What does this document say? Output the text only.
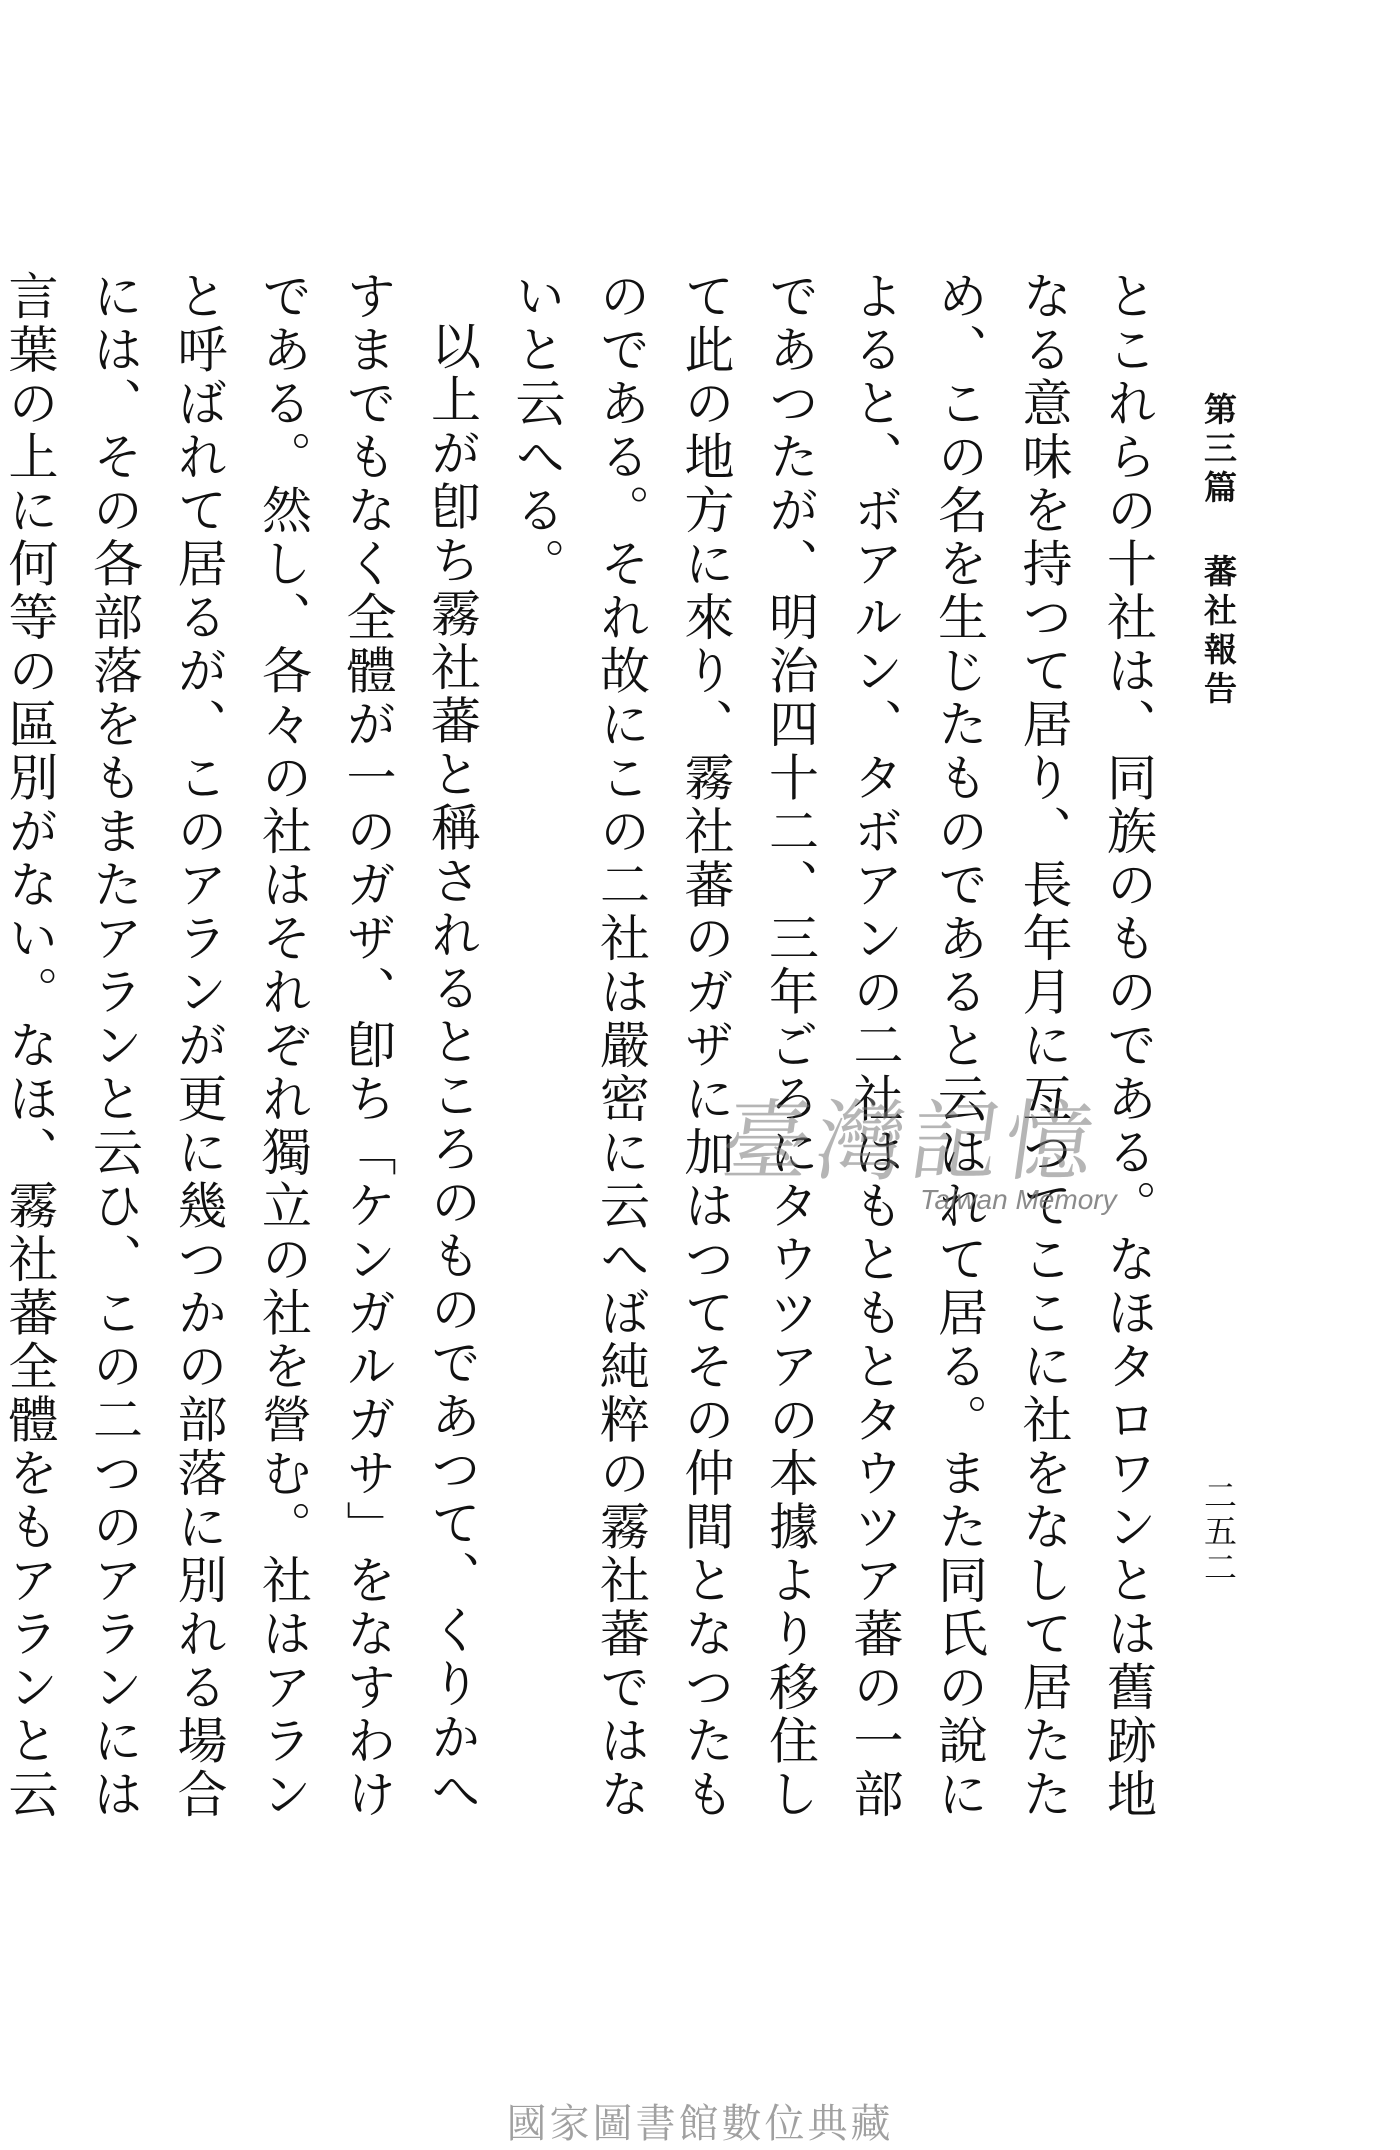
第三篇 蕃社報告
二五二

とこれらの十社は、同族のものである。なほタロワンとは舊跡地なる意味を持つて居り、長年月に亙つてここに社をなして居たため、この名を生じたものであると云はれて居る。また同氏の說によると、ボアルン、タボアンの二社はもともとタウツア蕃の一部であつたが、明治四十二、三年ごろにタウツアの本據より移住して此の地方に來り、霧社蕃のガザに加はつてその仲間となつたものである。それ故にこの二社は嚴密に云へば純粹の霧社蕃ではないと云へる。

以上が卽ち霧社蕃と稱されるところのものであつて、くりかへすまでもなく全體が一のガザ、卽ち「ケンガルガサ」をなすわけである。然し、各々の社はそれぞれ獨立の社を營む。社はアランと呼ばれて居るが、このアランが更に幾つかの部落に別れる場合には、その各部落をもまたアランと云ひ、この二つのアランには言葉の上に何等の區別がない。なほ、霧社蕃全體をもアランと云

臺灣記憶
Taiwan Memory
國家圖書館數位典藏
